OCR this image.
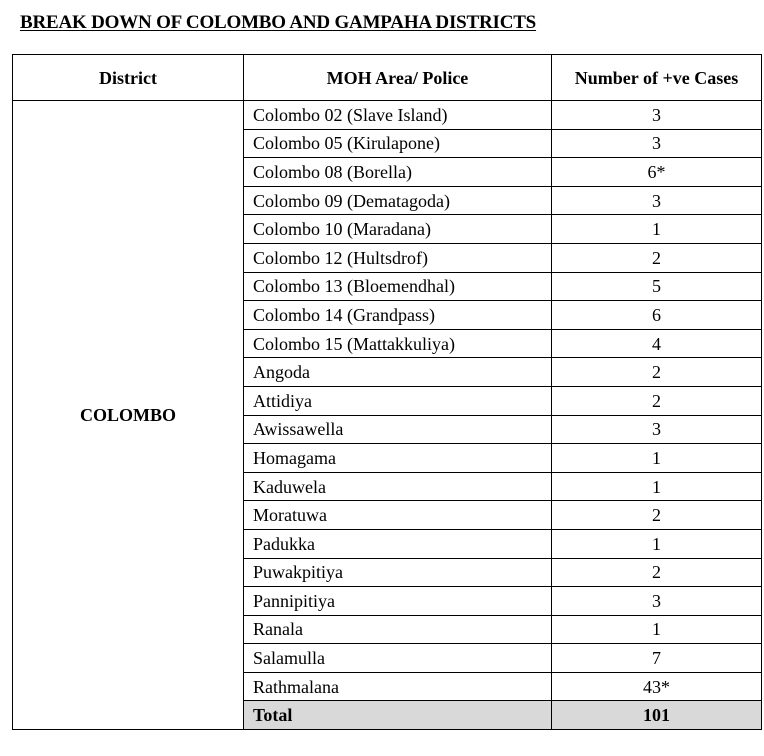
BREAK DOWN OF COLOMBO AND GAMPAHA DISTRICTS
District	MOH Area/ Police	Number of +ve Cases
COLOMBO	Colombo 02 (Slave Island)	3
	Colombo 05 (Kirulapone)	3
	Colombo 08 (Borella)	6*
	Colombo 09 (Dematagoda)	3
	Colombo 10 (Maradana)	1
	Colombo 12 (Hultsdrof)	2
	Colombo 13 (Bloemendhal)	5
	Colombo 14 (Grandpass)	6
	Colombo 15 (Mattakkuliya)	4
	Angoda	2
	Attidiya	2
	Awissawella	3
	Homagama	1
	Kaduwela	1
	Moratuwa	2
	Padukka	1
	Puwakpitiya	2
	Pannipitiya	3
	Ranala	1
	Salamulla	7
	Rathmalana	43*
	Total	101
